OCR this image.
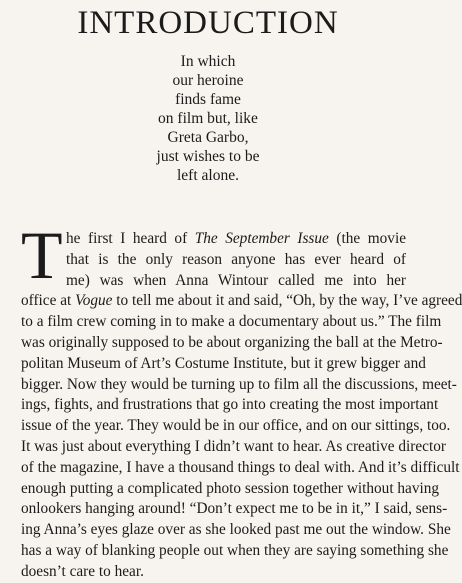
INTRODUCTION
In which
our heroine
finds fame
on film but, like
Greta Garbo,
just wishes to be
left alone.
T he first I heard of The September Issue (the movie
that is the only reason anyone has ever heard of
me) was when Anna Wintour called me into her
office at Vogue to tell me about it and said, “Oh, by the way, I’ve agreed
to a film crew coming in to make a documentary about us.” The film
was originally supposed to be about organizing the ball at the Metro-
politan Museum of Art’s Costume Institute, but it grew bigger and
bigger. Now they would be turning up to film all the discussions, meet-
ings, fights, and frustrations that go into creating the most important
issue of the year. They would be in our office, and on our sittings, too.
It was just about everything I didn’t want to hear. As creative director
of the magazine, I have a thousand things to deal with. And it’s difficult
enough putting a complicated photo session together without having
onlookers hanging around! “Don’t expect me to be in it,” I said, sens-
ing Anna’s eyes glaze over as she looked past me out the window. She
has a way of blanking people out when they are saying something she
doesn’t care to hear.
